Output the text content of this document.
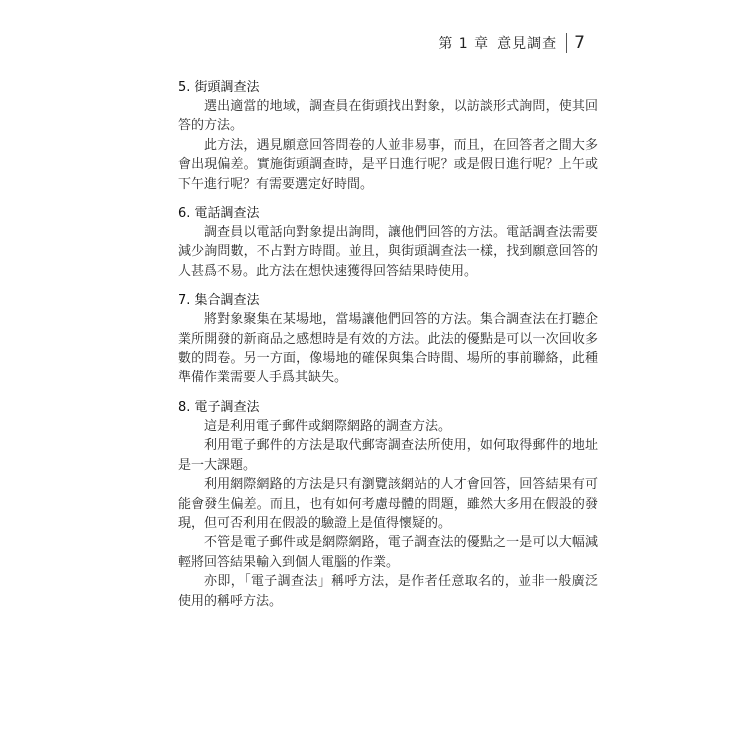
第 1 章 意見調查 7
5. 街頭調查法

選出適當的地域，調查員在街頭找出對象，以訪談形式詢問，使其回答的方法。

此方法，遇見願意回答問卷的人並非易事，而且，在回答者之間大多會出現偏差。實施街頭調查時，是平日進行呢？或是假日進行呢？上午或下午進行呢？有需要選定好時間。

6. 電話調查法

調查員以電話向對象提出詢問，讓他們回答的方法。電話調查法需要減少詢問數，不占對方時間。並且，與街頭調查法一樣，找到願意回答的人甚爲不易。此方法在想快速獲得回答結果時使用。

7. 集合調查法

將對象聚集在某場地，當場讓他們回答的方法。集合調查法在打聽企業所開發的新商品之感想時是有效的方法。此法的優點是可以一次回收多數的問卷。另一方面，像場地的確保與集合時間、場所的事前聯絡，此種準備作業需要人手爲其缺失。

8. 電子調查法

這是利用電子郵件或網際網路的調查方法。

利用電子郵件的方法是取代郵寄調查法所使用，如何取得郵件的地址是一大課題。

利用網際網路的方法是只有瀏覽該網站的人才會回答，回答結果有可能會發生偏差。而且，也有如何考慮母體的問題，雖然大多用在假設的發現，但可否利用在假設的驗證上是值得懷疑的。

不管是電子郵件或是網際網路，電子調查法的優點之一是可以大幅減輕將回答結果輸入到個人電腦的作業。

亦即，「電子調查法」稱呼方法，是作者任意取名的，並非一般廣泛使用的稱呼方法。
